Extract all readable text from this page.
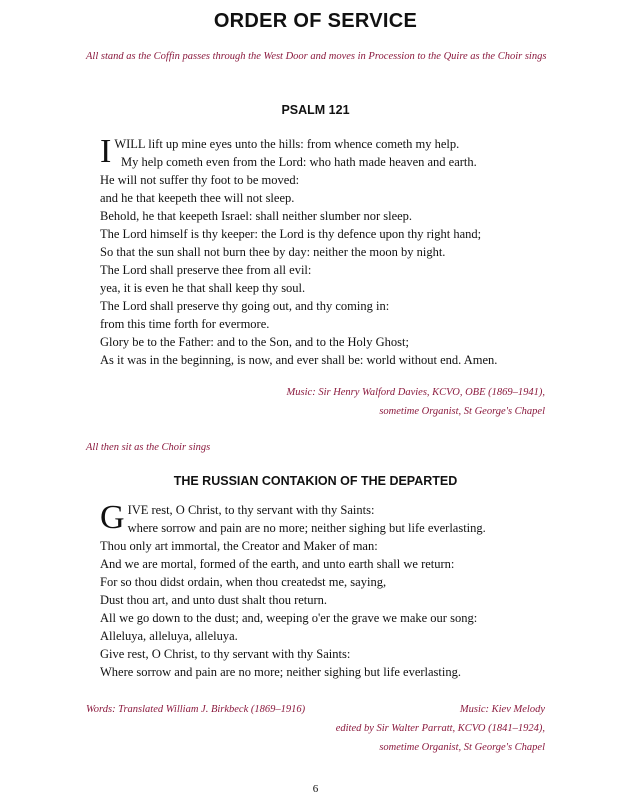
ORDER OF SERVICE
All stand as the Coffin passes through the West Door and moves in Procession to the Quire as the Choir sings
PSALM 121
I WILL lift up mine eyes unto the hills: from whence cometh my help.
My help cometh even from the Lord: who hath made heaven and earth.
He will not suffer thy foot to be moved:
and he that keepeth thee will not sleep.
Behold, he that keepeth Israel: shall neither slumber nor sleep.
The Lord himself is thy keeper: the Lord is thy defence upon thy right hand;
So that the sun shall not burn thee by day: neither the moon by night.
The Lord shall preserve thee from all evil:
yea, it is even he that shall keep thy soul.
The Lord shall preserve thy going out, and thy coming in:
from this time forth for evermore.
Glory be to the Father: and to the Son, and to the Holy Ghost;
As it was in the beginning, is now, and ever shall be: world without end. Amen.
Music: Sir Henry Walford Davies, KCVO, OBE (1869–1941),
sometime Organist, St George's Chapel
All then sit as the Choir sings
THE RUSSIAN CONTAKION OF THE DEPARTED
G IVE rest, O Christ, to thy servant with thy Saints:
where sorrow and pain are no more; neither sighing but life everlasting.
Thou only art immortal, the Creator and Maker of man:
And we are mortal, formed of the earth, and unto earth shall we return:
For so thou didst ordain, when thou createdst me, saying,
Dust thou art, and unto dust shalt thou return.
All we go down to the dust; and, weeping o'er the grave we make our song:
Alleluya, alleluya, alleluya.
Give rest, O Christ, to thy servant with thy Saints:
Where sorrow and pain are no more; neither sighing but life everlasting.
Words: Translated William J. Birkbeck (1869–1916)	Music: Kiev Melody
edited by Sir Walter Parratt, KCVO (1841–1924),
sometime Organist, St George's Chapel
6
